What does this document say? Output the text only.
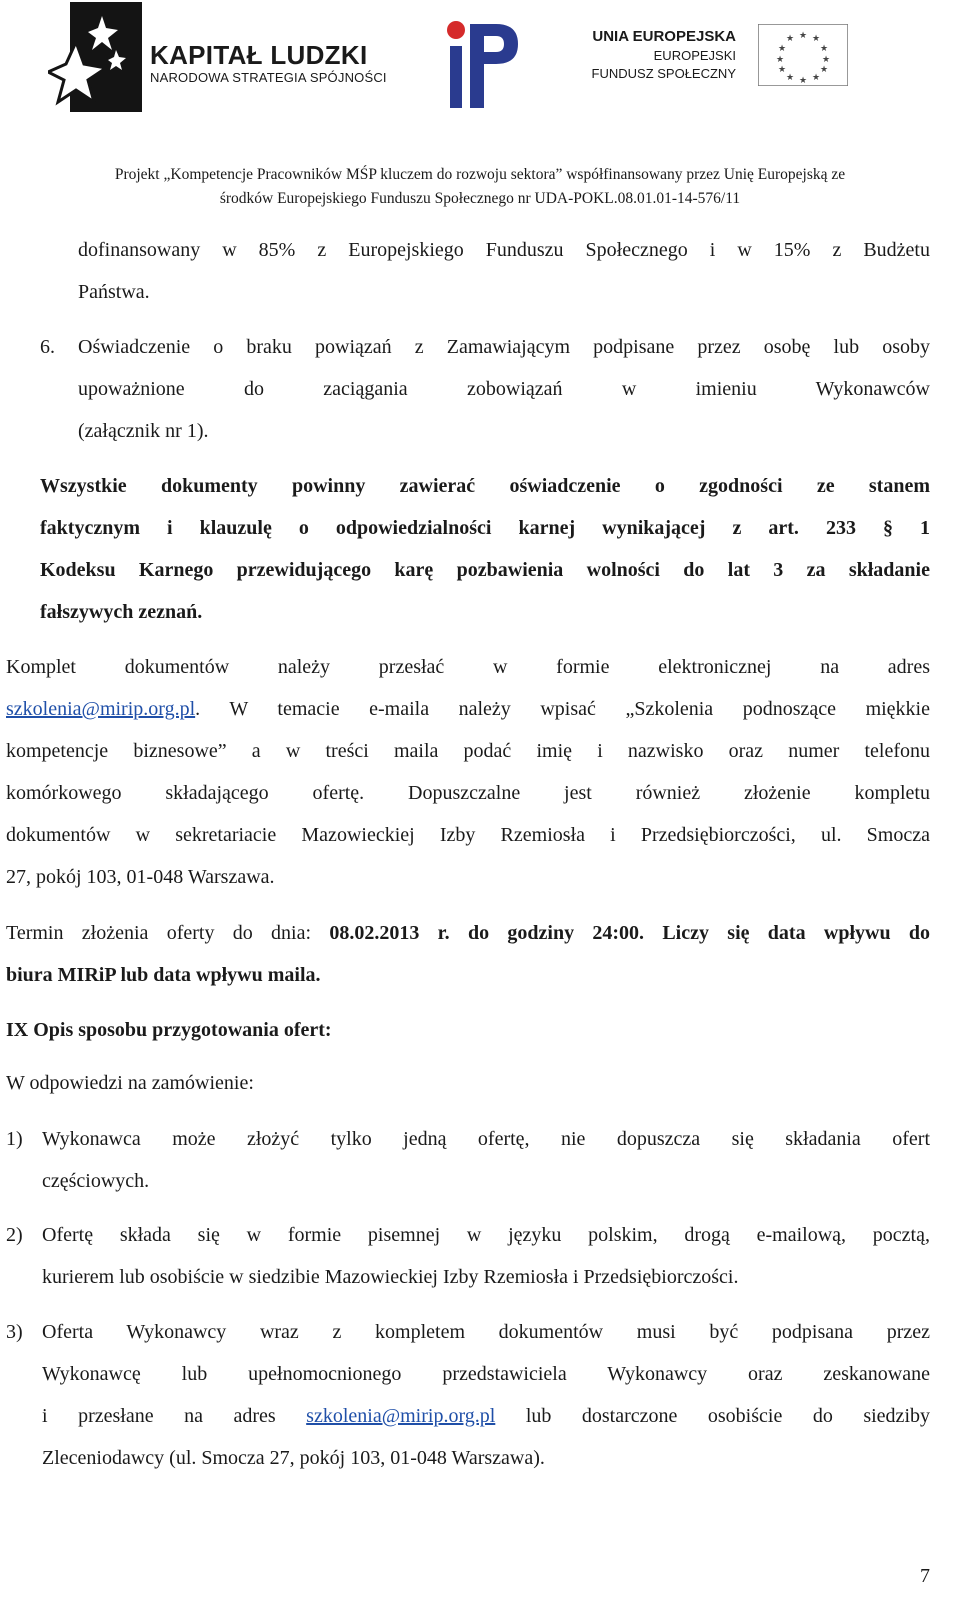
KAPITAŁ LUDZKI
NARODOWA STRATEGIA SPÓJNOŚCI
UNIA EUROPEJSKA
EUROPEJSKI
FUNDUSZ SPOŁECZNY
★ ★
★
★
★
★
★
★
★
★
★
★
Projekt „Kompetencje Pracowników MŚP kluczem do rozwoju sektora” współfinansowany przez Unię Europejską ze
środków Europejskiego Funduszu Społecznego nr UDA-POKL.08.01.01-14-576/11
dofinansowany w 85% z Europejskiego Funduszu Społecznego i w 15% z Budżetu
Państwa.
6. Oświadczenie o braku powiązań z Zamawiającym podpisane przez osobę lub osoby
upoważnione do zaciągania zobowiązań w imieniu Wykonawców
(załącznik nr 1).
Wszystkie dokumenty powinny zawierać oświadczenie o zgodności ze stanem
faktycznym i klauzulę o odpowiedzialności karnej wynikającej z art. 233 § 1
Kodeksu Karnego przewidującego karę pozbawienia wolności do lat 3 za składanie
fałszywych zeznań.
Komplet dokumentów należy przesłać w formie elektronicznej na adres
szkolenia@mirip.org.pl. W temacie e-maila należy wpisać „Szkolenia podnoszące miękkie
kompetencje biznesowe” a w treści maila podać imię i nazwisko oraz numer telefonu
komórkowego składającego ofertę. Dopuszczalne jest również złożenie kompletu
dokumentów w sekretariacie Mazowieckiej Izby Rzemiosła i Przedsiębiorczości, ul. Smocza
27, pokój 103, 01-048 Warszawa.
Termin złożenia oferty do dnia: 08.02.2013 r. do godziny 24:00. Liczy się data wpływu do
biura MIRiP lub data wpływu maila.
IX Opis sposobu przygotowania ofert:
W odpowiedzi na zamówienie:
1) Wykonawca może złożyć tylko jedną ofertę, nie dopuszcza się składania ofert
częściowych.
2) Ofertę składa się w formie pisemnej w języku polskim, drogą e-mailową, pocztą,
kurierem lub osobiście w siedzibie Mazowieckiej Izby Rzemiosła i Przedsiębiorczości.
3) Oferta Wykonawcy wraz z kompletem dokumentów musi być podpisana przez
Wykonawcę lub upełnomocnionego przedstawiciela Wykonawcy oraz zeskanowane
i przesłane na adres szkolenia@mirip.org.pl lub dostarczone osobiście do siedziby
Zleceniodawcy (ul. Smocza 27, pokój 103, 01-048 Warszawa).
7
